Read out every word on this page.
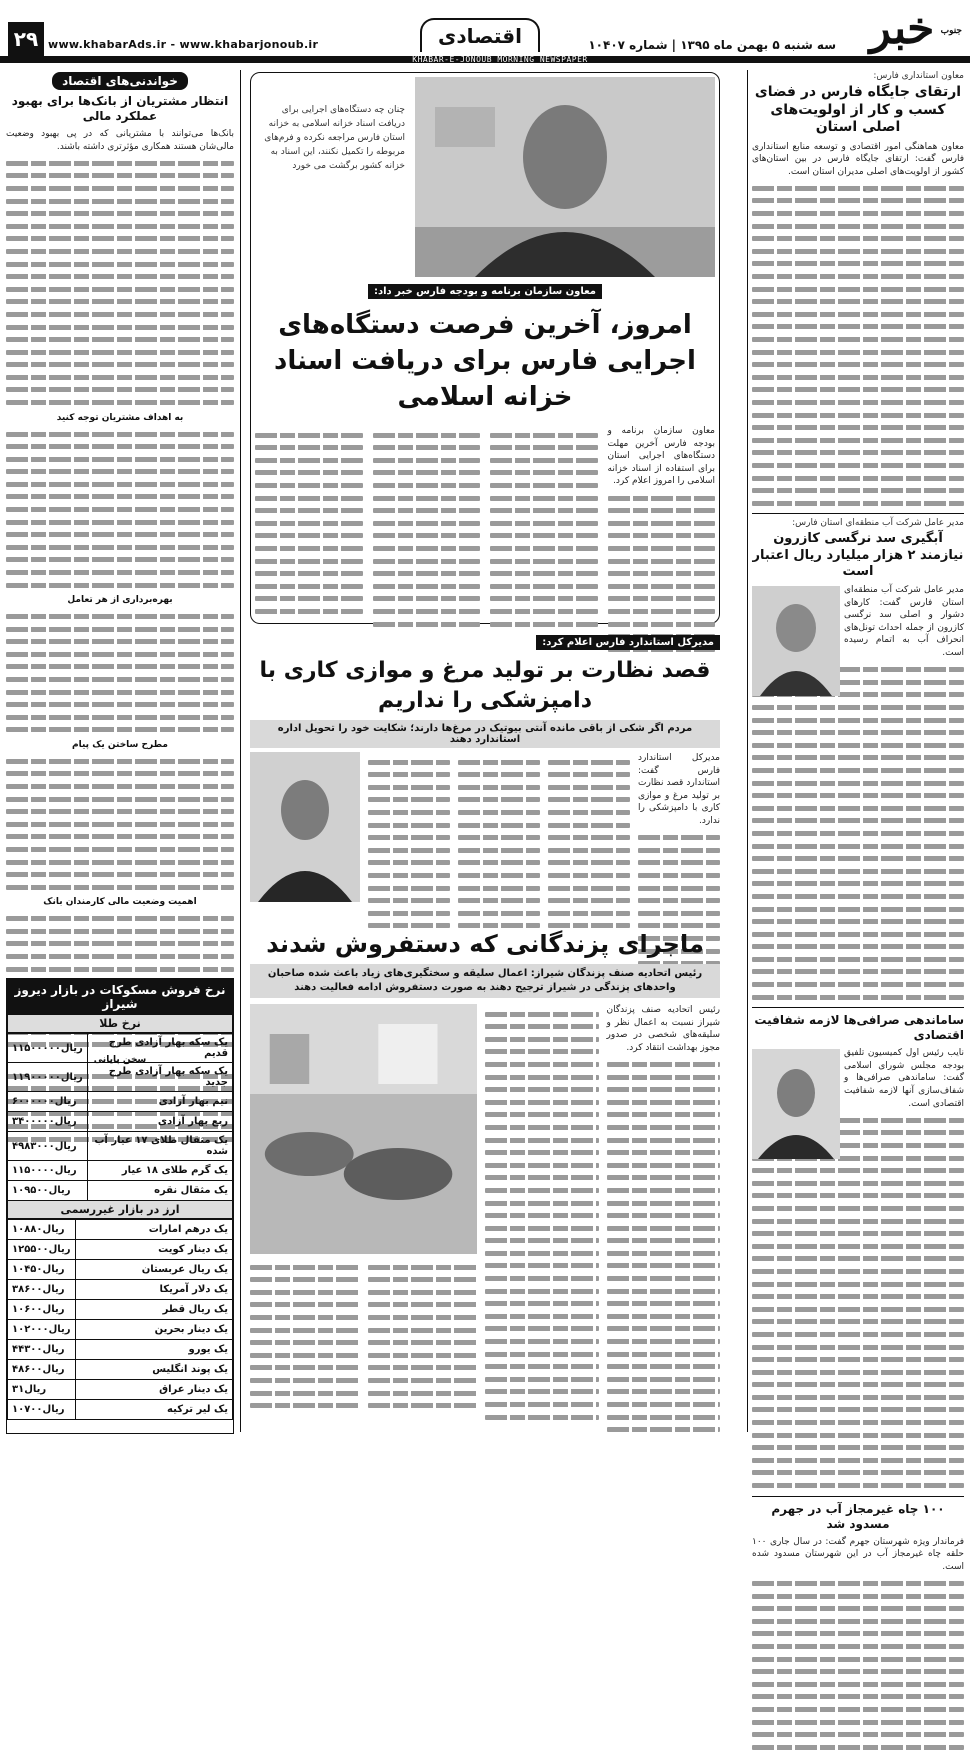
جنوب
خبر
سه شنبه ۵ بهمن ماه ۱۳۹۵ | شماره ۱۰۴۰۷
اقتصادی
www.khabarAds.ir - www.khabarjonoub.ir
۲۹
KHABAR-E-JONOUB MORNING NEWSPAPER
معاون استانداری فارس:
ارتقای جایگاه فارس در فضای کسب و کار از اولویت‌های اصلی استان
معاون هماهنگی امور اقتصادی و توسعه منابع استانداری فارس گفت: ارتقای جایگاه فارس در بین استان‌های کشور از اولویت‌های اصلی مدیران استان است.
مدیر عامل شرکت آب منطقه‌ای استان فارس:
آبگیری سد نرگسی کازرون نیازمند ۲ هزار میلیارد ریال اعتبار است
مدیر عامل شرکت آب منطقه‌ای استان فارس گفت: کارهای دشوار و اصلی سد نرگسی کازرون از جمله احداث تونل‌های انحراف آب به اتمام رسیده است.
ساماندهی صرافی‌ها لازمه شفافیت اقتصادی
نایب رئیس اول کمیسیون تلفیق بودجه مجلس شورای اسلامی گفت: ساماندهی صرافی‌ها و شفاف‌سازی آنها لازمه شفافیت اقتصادی است.
۱۰۰ چاه غیرمجاز آب در جهرم مسدود شد
فرماندار ویژه شهرستان جهرم گفت: در سال جاری ۱۰۰ حلقه چاه غیرمجاز آب در این شهرستان مسدود شده است.
چنان چه دستگاه‌های اجرایی برای دریافت اسناد خزانه اسلامی به خزانه استان فارس مراجعه نکرده و فرم‌های مربوطه را تکمیل نکنند، این اسناد به خزانه کشور برگشت می‌ خورد
معاون سازمان برنامه و بودجه فارس خبر داد:
امروز، آخرین فرصت دستگاه‌های اجرایی فارس برای دریافت اسناد خزانه اسلامی
معاون سازمان برنامه و بودجه فارس آخرین مهلت دستگاه‌های اجرایی استان برای استفاده از اسناد خزانه اسلامی را امروز اعلام کرد.
مدیرکل استاندارد فارس اعلام کرد:
قصد نظارت بر تولید مرغ و موازی کاری با دامپزشکی را نداریم
مردم اگر شکی از باقی مانده آنتی بیوتیک در مرغ‌ها دارند؛ شکایت خود را تحویل اداره استاندارد دهند
مدیرکل استاندارد فارس گفت: استاندارد قصد نظارت بر تولید مرغ و موازی کاری با دامپزشکی را ندارد.
ماجرای پزندگانی که دستفروش شدند
رئیس اتحادیه صنف پزندگان شیراز: اعمال سلیقه و سختگیری‌های زیاد باعث شده صاحبان واحدهای پزندگی در شیراز ترجیح دهند به صورت دستفروش ادامه فعالیت دهند
رئیس اتحادیه صنف پزندگان شیراز نسبت به اعمال نظر و سلیقه‌های شخصی در صدور مجوز بهداشت انتقاد کرد.
خواندنی‌های اقتصاد
انتظار مشتریان از بانک‌ها برای بهبود عملکرد مالی
بانک‌ها می‌توانند با مشتریانی که در پی بهبود وضعیت مالی‌شان هستند همکاری مؤثرتری داشته باشند.
به اهداف مشتریان توجه کنید
بهره‌برداری از هر تعامل
مطرح ساختن یک پیام
اهمیت وضعیت مالی کارمندان بانک
سخن پایانی
نرخ فروش مسکوکات در بازار دیروز شیراز
نرخ طلا
یک سکه بهار آزادی طرح قدیم	۱۱۵۰۰۰۰۰ریال
یک سکه بهار آزادی طرح جدید	۱۱۹۰۰۰۰۰ریال
نیم بهار آزادی	۶۰۰۰۰۰۰ریال
ربع بهار آزادی	۳۴۰۰۰۰۰ریال
یک مثقال طلای ۱۷ عیار آب شده	۴۹۸۳۰۰۰ریال
یک گرم طلای ۱۸ عیار	۱۱۵۰۰۰۰ریال
یک مثقال نقره	۱۰۹۵۰۰ریال
ارز در بازار غیررسمی
یک درهم امارات	۱۰۸۸۰ریال
یک دینار کویت	۱۲۵۵۰۰ریال
یک ریال عربستان	۱۰۴۵۰ریال
یک دلار آمریکا	۳۸۶۰۰ریال
یک ریال قطر	۱۰۶۰۰ریال
یک دینار بحرین	۱۰۲۰۰۰ریال
یک یورو	۴۴۳۰۰ریال
یک پوند انگلیس	۴۸۶۰۰ریال
یک دینار عراق	۳۱ریال
یک لیر ترکیه	۱۰۷۰۰ریال
